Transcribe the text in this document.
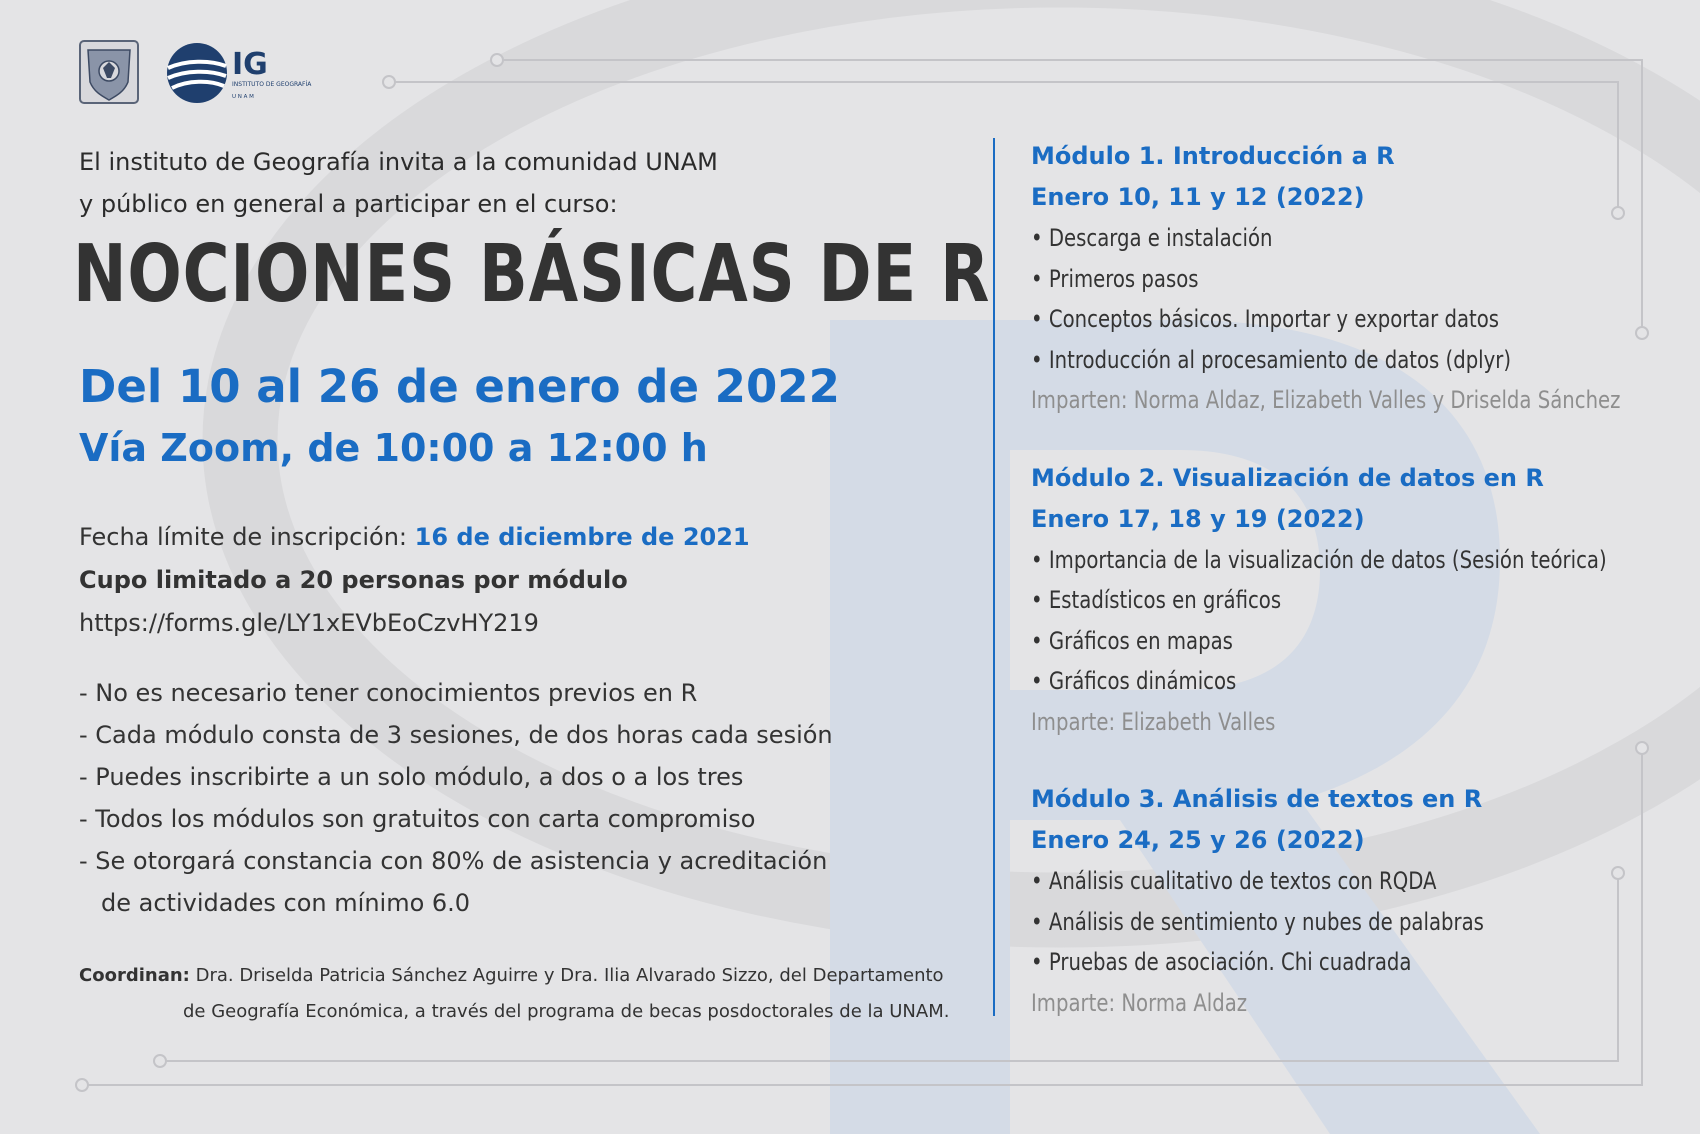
IG
INSTITUTO DE GEOGRAFÍA
U N A M
El instituto de Geografía invita a la comunidad UNAM
y público en general a participar en el curso:
NOCIONES BÁSICAS DE R
Del 10 al 26 de enero de 2022
Vía Zoom, de 10:00 a 12:00 h
Fecha límite de inscripción: 16 de diciembre de 2021
Cupo limitado a 20 personas por módulo
https://forms.gle/LY1xEVbEoCzvHY219
- No es necesario tener conocimientos previos en R
- Cada módulo consta de 3 sesiones, de dos horas cada sesión
- Puedes inscribirte a un solo módulo, a dos o a los tres
- Todos los módulos son gratuitos con carta compromiso
- Se otorgará constancia con 80% de asistencia y acreditación
de actividades con mínimo 6.0
Coordinan: Dra. Driselda Patricia Sánchez Aguirre y Dra. Ilia Alvarado Sizzo, del Departamento
de Geografía Económica, a través del programa de becas posdoctorales de la UNAM.
Módulo 1. Introducción a R
Enero 10, 11 y 12 (2022)
• Descarga e instalación
• Primeros pasos
• Conceptos básicos. Importar y exportar datos
• Introducción al procesamiento de datos (dplyr)
Imparten: Norma Aldaz, Elizabeth Valles y Driselda Sánchez
Módulo 2. Visualización de datos en R
Enero 17, 18 y 19 (2022)
• Importancia de la visualización de datos (Sesión teórica)
• Estadísticos en gráficos
• Gráficos en mapas
• Gráficos dinámicos
Imparte: Elizabeth Valles
Módulo 3. Análisis de textos en R
Enero 24, 25 y 26 (2022)
• Análisis cualitativo de textos con RQDA
• Análisis de sentimiento y nubes de palabras
• Pruebas de asociación. Chi cuadrada
Imparte: Norma Aldaz
